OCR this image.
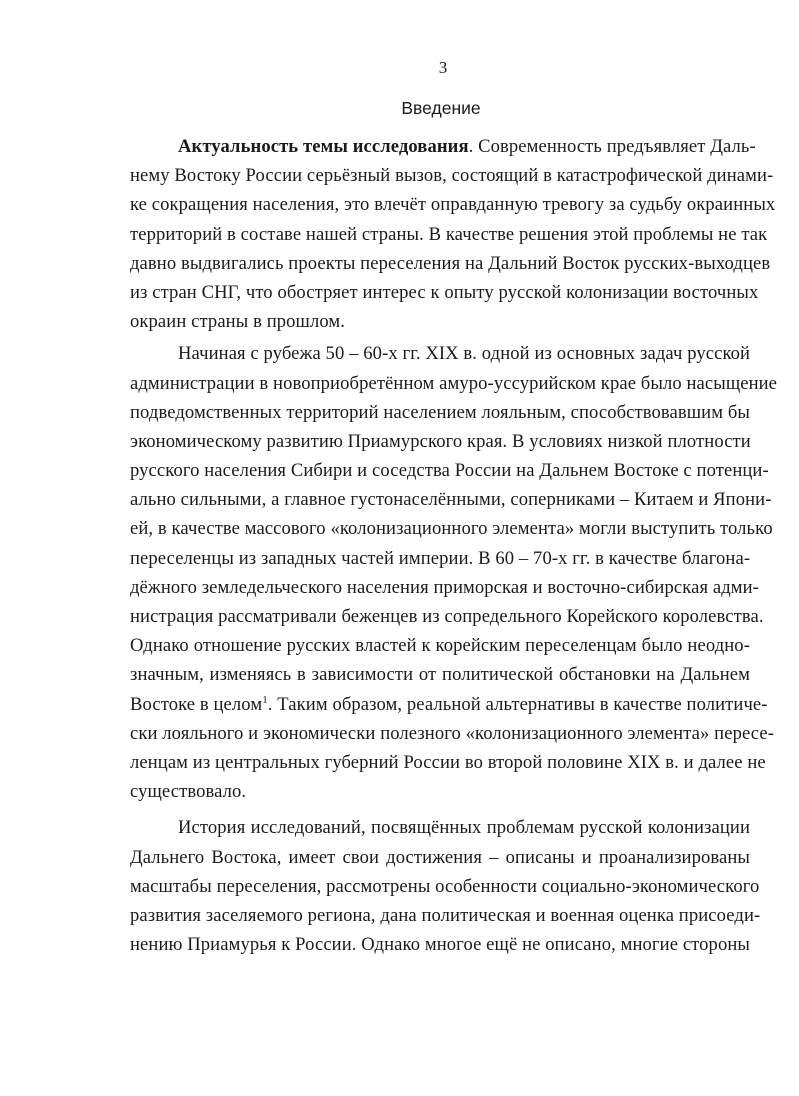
3
Введение
Актуальность темы исследования. Современность предъявляет Даль-
нему Востоку России серьёзный вызов, состоящий в катастрофической динами-
ке сокращения населения, это влечёт оправданную тревогу за судьбу окраинных
территорий в составе нашей страны. В качестве решения этой проблемы не так
давно выдвигались проекты переселения на Дальний Восток русских-выходцев
из стран СНГ, что обостряет интерес к опыту русской колонизации восточных
окраин страны в прошлом.
Начиная с рубежа 50 – 60-х гг. XIX в. одной из основных задач русской
администрации в новоприобретённом амуро-уссурийском крае было насыщение
подведомственных территорий населением лояльным, способствовавшим бы
экономическому развитию Приамурского края. В условиях низкой плотности
русского населения Сибири и соседства России на Дальнем Востоке с потенци-
ально сильными, а главное густонаселёнными, соперниками – Китаем и Япони-
ей, в качестве массового «колонизационного элемента» могли выступить только
переселенцы из западных частей империи. В 60 – 70-х гг. в качестве благона-
дёжного земледельческого населения приморская и восточно-сибирская адми-
нистрация рассматривали беженцев из сопредельного Корейского королевства.
Однако отношение русских властей к корейским переселенцам было неодно-
значным, изменяясь в зависимости от политической обстановки на Дальнем
Востоке в целом$^1$. Таким образом, реальной альтернативы в качестве политиче-
ски лояльного и экономически полезного «колонизационного элемента» пересе-
ленцам из центральных губерний России во второй половине XIX в. и далее не
существовало.
История исследований, посвящённых проблемам русской колонизации
Дальнего Востока, имеет свои достижения – описаны и проанализированы
масштабы переселения, рассмотрены особенности социально-экономического
развития заселяемого региона, дана политическая и военная оценка присоеди-
нению Приамурья к России. Однако многое ещё не описано, многие стороны
